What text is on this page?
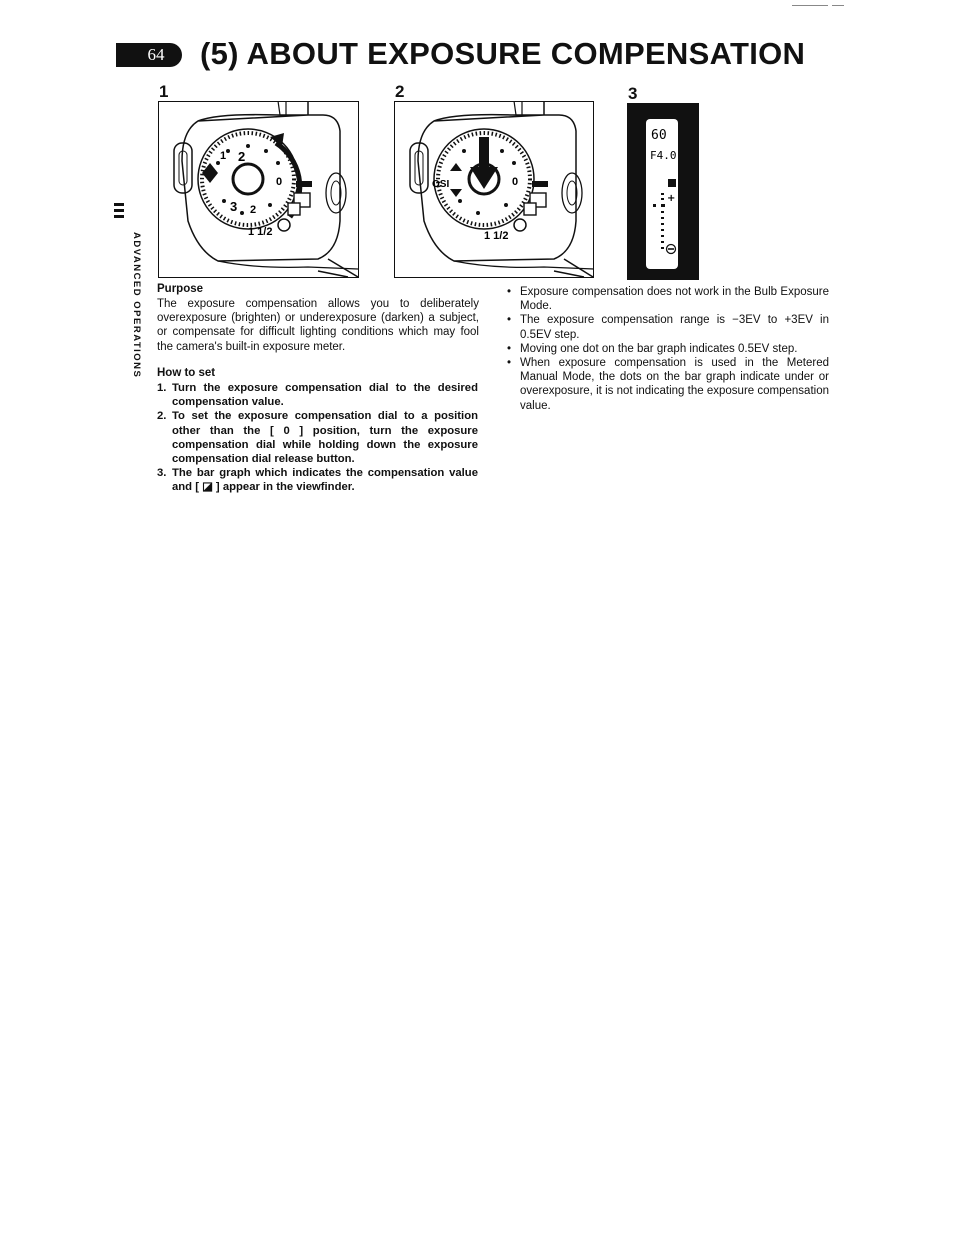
64	(5) ABOUT EXPOSURE COMPENSATION
ADVANCED OPERATIONS
1	2	3
2
1
0
3 2
1 1/2
0
OSI
1 1/2
60
F4.0
+
Purpose

The exposure compensation allows you to deliberately overexposure (brighten) or underexposure (darken) a subject, or compensate for difficult lighting conditions which may fool the camera's built-in exposure meter.

How to set
1. Turn the exposure compensation dial to the desired compensation value.
2. To set the exposure compensation dial to a position other than the [ 0 ] position, turn the exposure compensation dial while holding down the exposure compensation dial release button.
3. The bar graph which indicates the compensation value and [ ◪ ] appear in the viewfinder.
• Exposure compensation does not work in the Bulb Exposure Mode.
• The exposure compensation range is −3EV to +3EV in 0.5EV step.
• Moving one dot on the bar graph indicates 0.5EV step.
• When exposure compensation is used in the Metered Manual Mode, the dots on the bar graph indicate under or overexposure, it is not indicating the exposure compensation value.
